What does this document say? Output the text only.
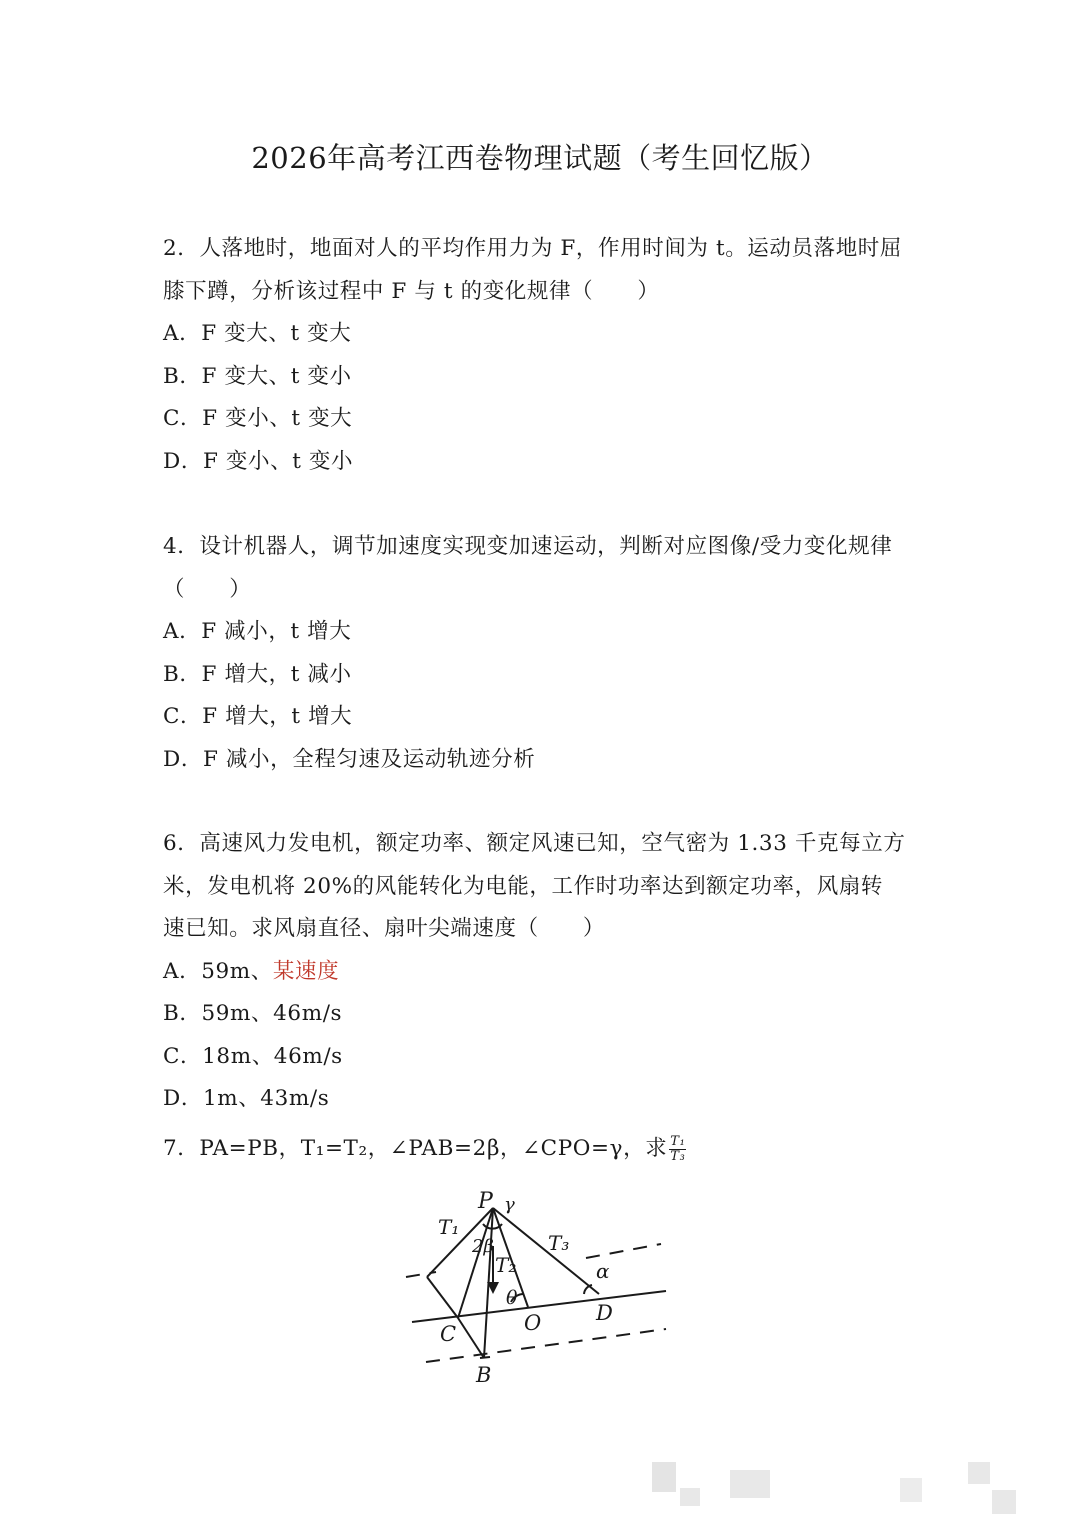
2026年高考江西卷物理试题（考生回忆版）
2．人落地时，地面对人的平均作用力为 F，作用时间为 t。运动员落地时屈
膝下蹲，分析该过程中 F 与 t 的变化规律（　　）
A．F 变大、t 变大
B．F 变大、t 变小
C．F 变小、t 变大
D．F 变小、t 变小
4．设计机器人，调节加速度实现变加速运动，判断对应图像/受力变化规律
（　　）
A．F 减小，t 增大
B．F 增大，t 减小
C．F 增大，t 增大
D．F 减小，全程匀速及运动轨迹分析
6．高速风力发电机，额定功率、额定风速已知，空气密为 1.33 千克每立方
米，发电机将 20%的风能转化为电能，工作时功率达到额定功率，风扇转
速已知。求风扇直径、扇叶尖端速度（　　）
A．59m、某速度
B．59m、46m/s
C．18m、46m/s
D．1m、43m/s
7．PA=PB，T₁=T₂，∠PAB=2β，∠CPO=γ，求 $\frac{\text{T₁}}{\text{T₃}}$
P γ
T₁
2β	T₃
T₂
θ
α
C	O	D
B
